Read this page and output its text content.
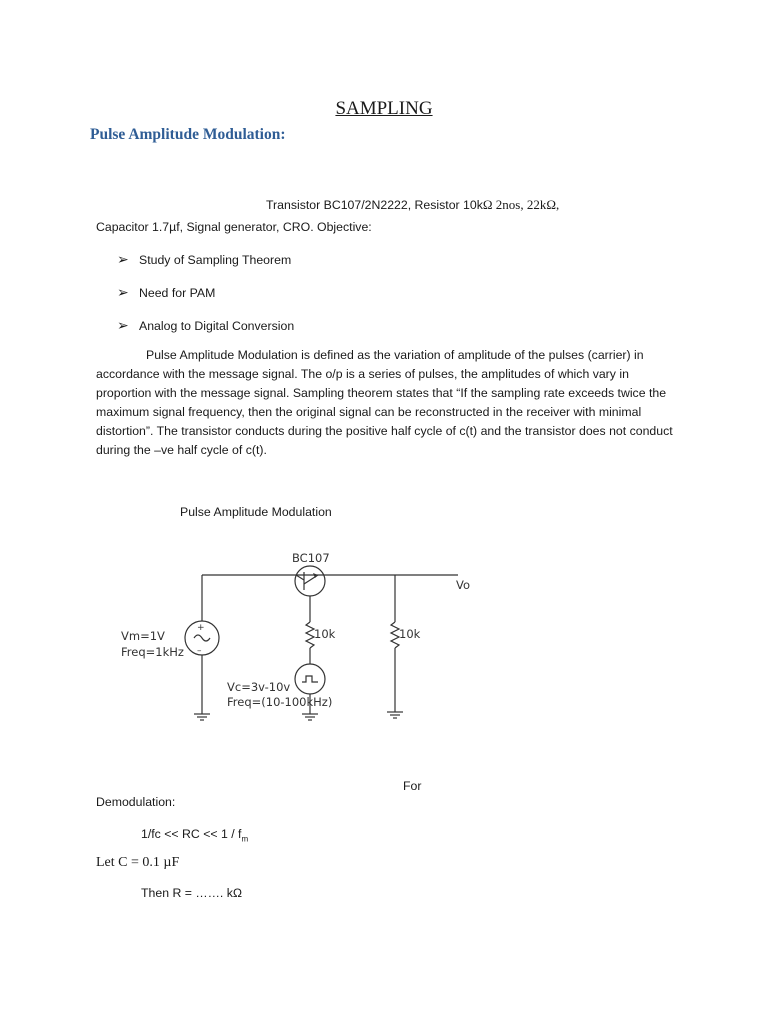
SAMPLING
Pulse Amplitude Modulation:
Transistor BC107/2N2222, Resistor 10kΩ 2nos, 22kΩ,
Capacitor 1.7µf, Signal generator, CRO. Objective:
➢ Study of Sampling Theorem
➢ Need for PAM
➢ Analog to Digital Conversion
Pulse Amplitude Modulation is defined as the variation of amplitude of the pulses (carrier) in accordance with the message signal. The o/p is a series of pulses, the amplitudes of which vary in proportion with the message signal. Sampling theorem states that “If the sampling rate exceeds twice the maximum signal frequency, then the original signal can be reconstructed in the receiver with minimal distortion”. The transistor conducts during the positive half cycle of c(t) and the transistor does not conduct during the –ve half cycle of c(t).
Pulse Amplitude Modulation
BC107
Vo
10k	10k
+
–
Vm=1V
Freq=1kHz
Vc=3v-10v
Freq=(10-100kHz)
For
Demodulation:
1/fc << RC << $1 / f_m$
Let C = 0.1 µF
Then R = ……. kΩ
